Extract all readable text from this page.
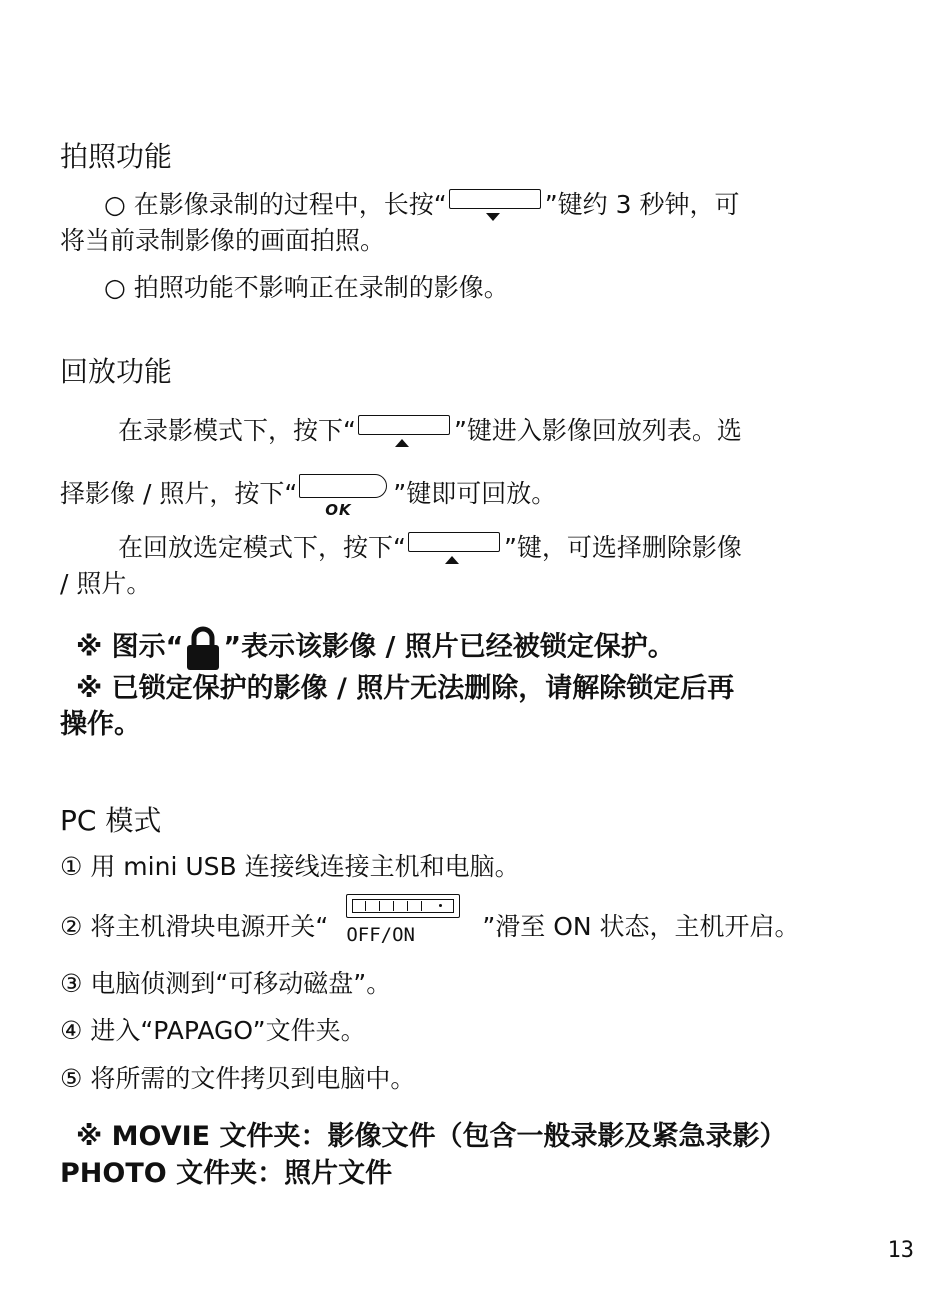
拍照功能
○ 在影像录制的过程中，长按“	”键约 3 秒钟，可
将当前录制影像的画面拍照。
○ 拍照功能不影响正在录制的影像。
回放功能
在录影模式下，按下“	”键进入影像回放列表。选
择影像 / 照片，按下“
OK
”键即可回放。
在回放选定模式下，按下“	”键，可选择删除影像
/ 照片。
※ 图示“ ”表示该影像 / 照片已经被锁定保护。
※ 已锁定保护的影像 / 照片无法删除，请解除锁定后再
操作。
PC 模式
① 用 mini USB 连接线连接主机和电脑。
② 将主机滑块电源开关“ OFF/ON	”滑至 ON 状态，主机开启。
③ 电脑侦测到“可移动磁盘”。
④ 进入“PAPAGO”文件夹。
⑤ 将所需的文件拷贝到电脑中。
※ MOVIE 文件夹：影像文件（包含一般录影及紧急录影）
PHOTO 文件夹：照片文件
13
